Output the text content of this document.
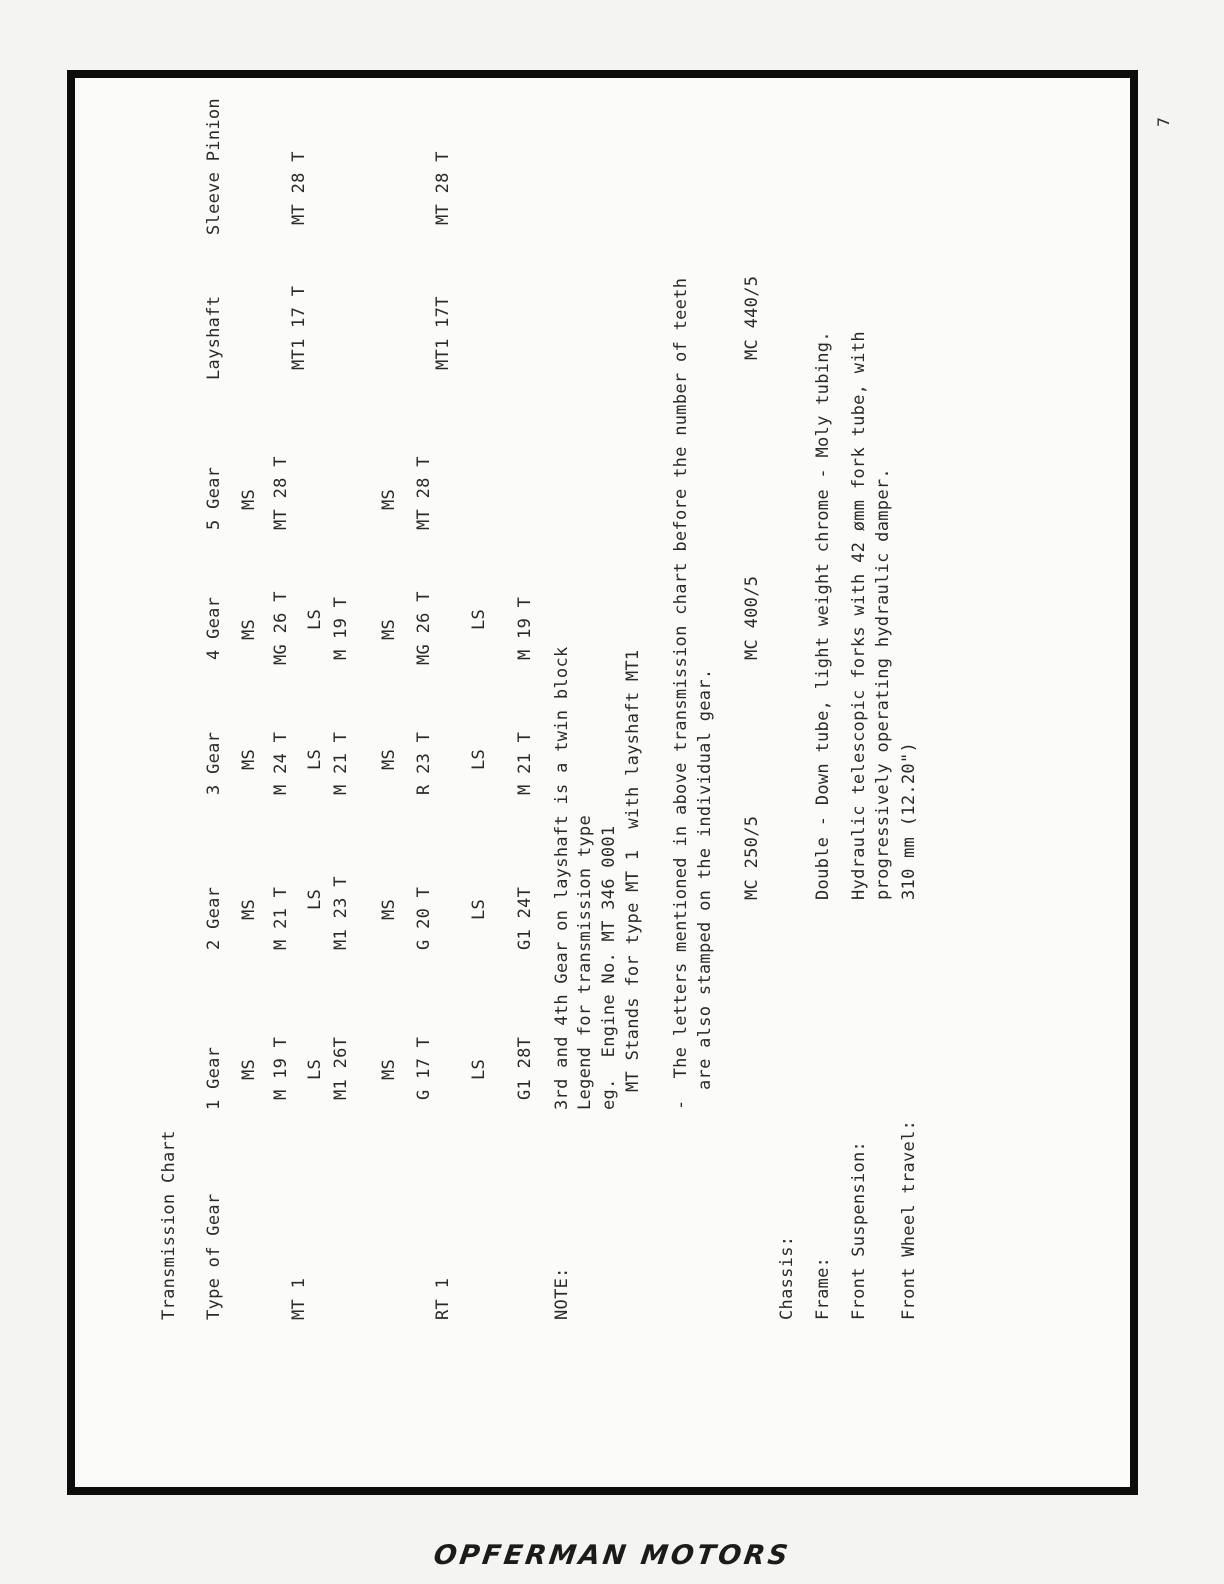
7
Transmission Chart Type of Gear
1 Gear
2 Gear
3 Gear
4 Gear
5 Gear
Layshaft
Sleeve Pinion
MS
MS
MS
MS
MS
MT 1
M 19 T
M 21 T
M 24 T
MG 26 T
MT 28 T
MT1 17 T
MT 28 T
LS
LS
LS
LS
M1 26T
M1 23 T
M 21 T
M 19 T
MS
MS
MS
MS
MS
RT 1
G 17 T
G 20 T
R 23 T
MG 26 T
MT 28 T
MT1 17T
MT 28 T
LS
LS
LS
LS
G1 28T
G1 24T
M 21 T
M 19 T
NOTE:
3rd and 4th Gear on layshaft is a twin block Legend for transmission type eg.  Engine No. MT 346 0001 MT Stands for type MT 1  with layshaft MT1 -  The letters mentioned in above transmission chart before the number of teeth are also stamped on the individual gear. MC 250/5
MC 400/5
MC 440/5
Chassis: Frame:
Double - Down tube, light weight chrome - Moly tubing.
Front Suspension:
Hydraulic telescopic forks with 42 ømm fork tube, with progressively operating hydraulic damper.
Front Wheel travel:
310 mm (12.20")
OPFERMAN MOTORS
